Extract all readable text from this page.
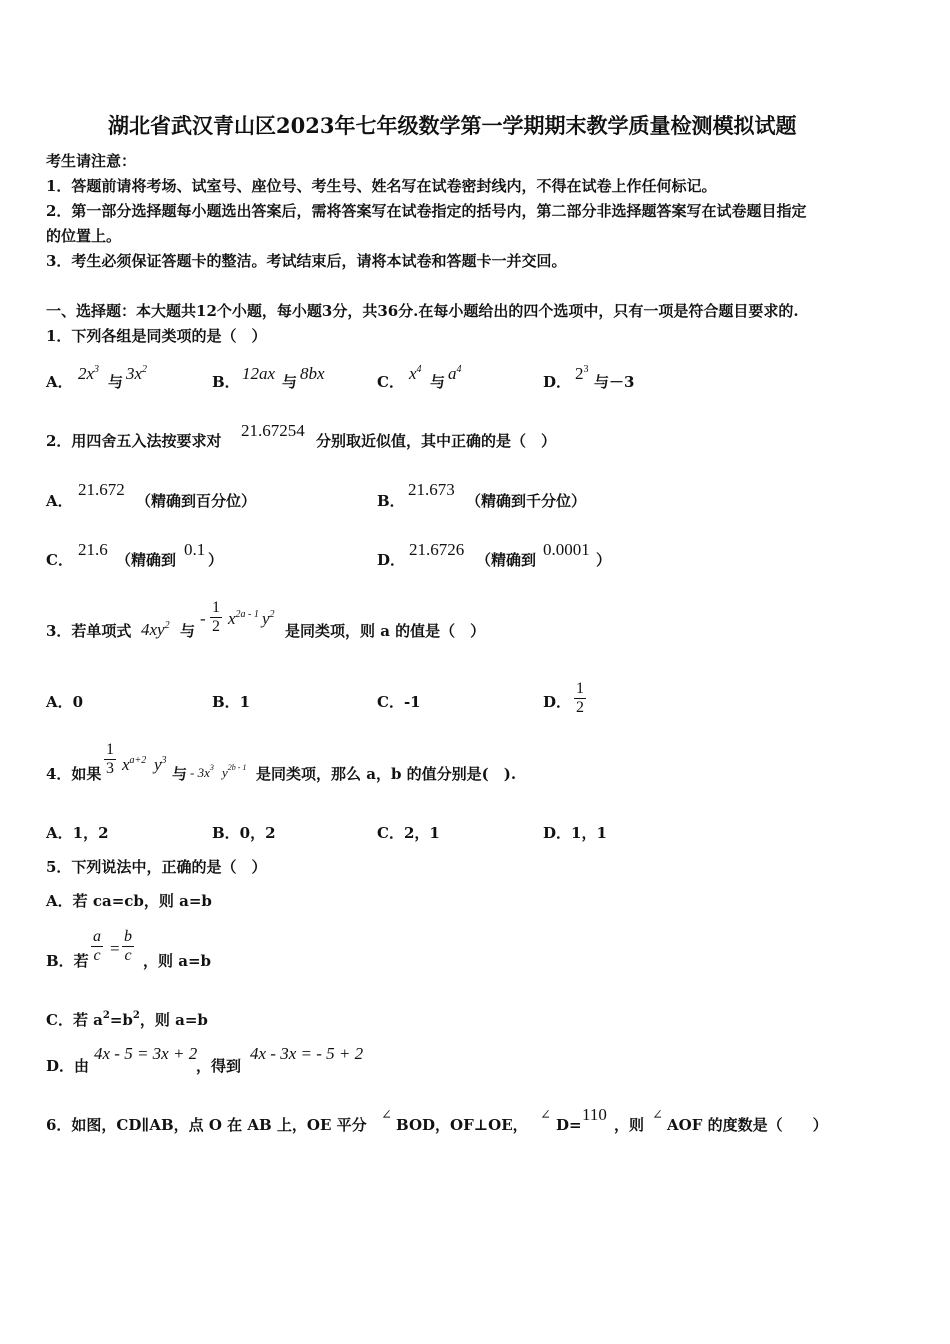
湖北省武汉青山区2023年七年级数学第一学期期末教学质量检测模拟试题
考生请注意：
1．答题前请将考场、试室号、座位号、考生号、姓名写在试卷密封线内，不得在试卷上作任何标记。
2．第一部分选择题每小题选出答案后，需将答案写在试卷指定的括号内，第二部分非选择题答案写在试卷题目指定
的位置上。
3．考生必须保证答题卡的整洁。考试结束后，请将本试卷和答题卡一并交回。
一、选择题：本大题共12个小题，每小题3分，共36分.在每小题给出的四个选项中，只有一项是符合题目要求的.
1．下列各组是同类项的是（　）
A． $2x^3$
与 $3x^2$
B． 12ax 与 8bx	C． $x^4$
与 $a^4$
D． $2^3$
与－3
2．用四舍五入法按要求对
21.67254
分别取近似值，其中正确的是（　）
A．
21.672
（精确到百分位）	B．
21.673
（精确到千分位）
C．
21.6
（精确到
0.1
）	D．
21.6726
（精确到
0.0001
）
3．若单项式 $4xy^2$ 与
- $\frac{1}{2} x^{2a - 1}$ $y^2$
是同类项，则 a 的值是（　）
A．0	B．1	C．-1	D． $\frac{1}{2}$
4．如果 $\frac{1}{3} x^{a+2}$ $y^3$
与 - $3x^3$ $y^{2b - 1}$ 是同类项，那么 a，b 的值分别是(　).
A．1，2	B．0，2	C．2，1	D．1，1
5．下列说法中，正确的是（　）
A．若 ca=cb，则 a=b
B．若 $\frac{a}{c} = \frac{b}{c}$ ，则 a=b
C．若 $a^2=b^2$，则 a=b
D．由
4x - 5 = 3x + 2
，得到
4x - 3x = - 5 + 2
6．如图，CD∥AB，点 O 在 AB 上，OE 平分
∠
BOD，OF⊥OE，
∠
D=
110
，则
∠
AOF 的度数是（　　）
